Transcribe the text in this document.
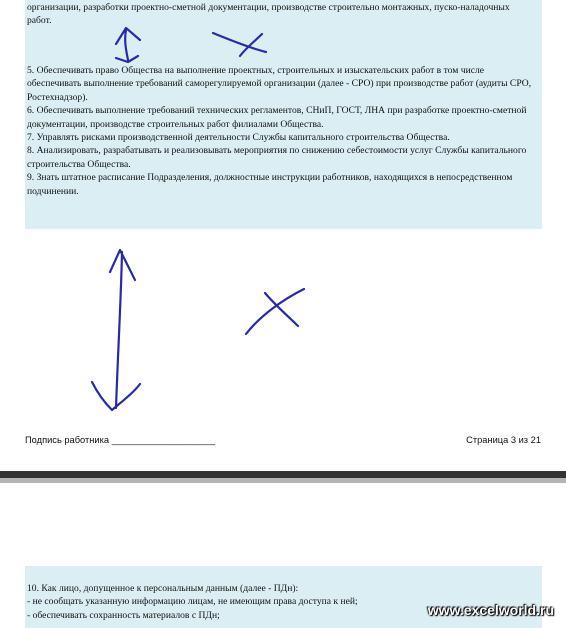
организации, разработки проектно-сметной документации, производстве строительно монтажных, пуско-наладочных работ.

5. Обеспечивать право Общества на выполнение проектных, строительных и изыскательских работ в том числе обеспечивать выполнение требований саморегулируемой организации (далее - СРО) при производстве работ (аудиты СРО, Ростехнадзор).

6. Обеспечивать выполнение требований технических регламентов, СНиП, ГОСТ, ЛНА при разработке проектно-сметной документации, производстве строительных работ филиалами Общества.

7. Управлять рисками производственной деятельности Службы капитального строительства Общества.

8. Анализировать, разрабатывать и реализовывать мероприятия по снижению себестоимости услуг Службы капитального строительства Общества.

9. Знать штатное расписание Подразделения, должностные инструкции работников, находящихся в непосредственном подчинении.

Подпись работника ____________________	Страница 3 из 21

10. Как лицо, допущенное к персональным данным (далее - ПДн):

- не сообщать указанную информацию лицам, не имеющим права доступа к ней;

- обеспечивать сохранность материалов с ПДн;	www.excelworld.ru
